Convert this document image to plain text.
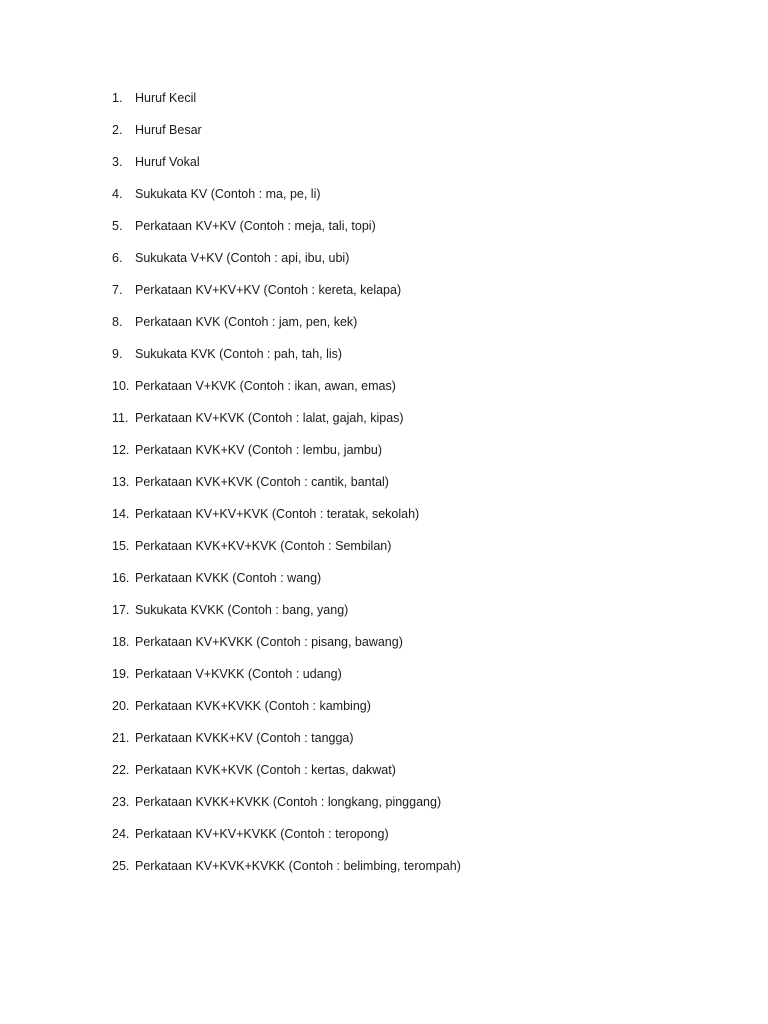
1.	Huruf Kecil
2.	Huruf Besar
3.	Huruf Vokal
4.	Sukukata KV (Contoh : ma, pe, li)
5.	Perkataan KV+KV (Contoh : meja, tali, topi)
6.	Sukukata V+KV (Contoh : api, ibu, ubi)
7.	Perkataan KV+KV+KV (Contoh : kereta, kelapa)
8.	Perkataan KVK (Contoh : jam, pen, kek)
9.	Sukukata KVK (Contoh : pah, tah, lis)
10. Perkataan V+KVK (Contoh : ikan, awan, emas)
11. Perkataan KV+KVK (Contoh : lalat, gajah, kipas)
12. Perkataan KVK+KV (Contoh : lembu, jambu)
13. Perkataan KVK+KVK (Contoh : cantik, bantal)
14. Perkataan KV+KV+KVK (Contoh : teratak, sekolah)
15. Perkataan KVK+KV+KVK (Contoh : Sembilan)
16. Perkataan KVKK (Contoh : wang)
17. Sukukata KVKK (Contoh : bang, yang)
18. Perkataan KV+KVKK (Contoh : pisang, bawang)
19. Perkataan V+KVKK (Contoh : udang)
20. Perkataan KVK+KVKK (Contoh : kambing)
21. Perkataan KVKK+KV (Contoh : tangga)
22. Perkataan KVK+KVK (Contoh : kertas, dakwat)
23. Perkataan KVKK+KVKK (Contoh : longkang, pinggang)
24. Perkataan KV+KV+KVKK (Contoh : teropong)
25. Perkataan KV+KVK+KVKK (Contoh : belimbing, terompah)
